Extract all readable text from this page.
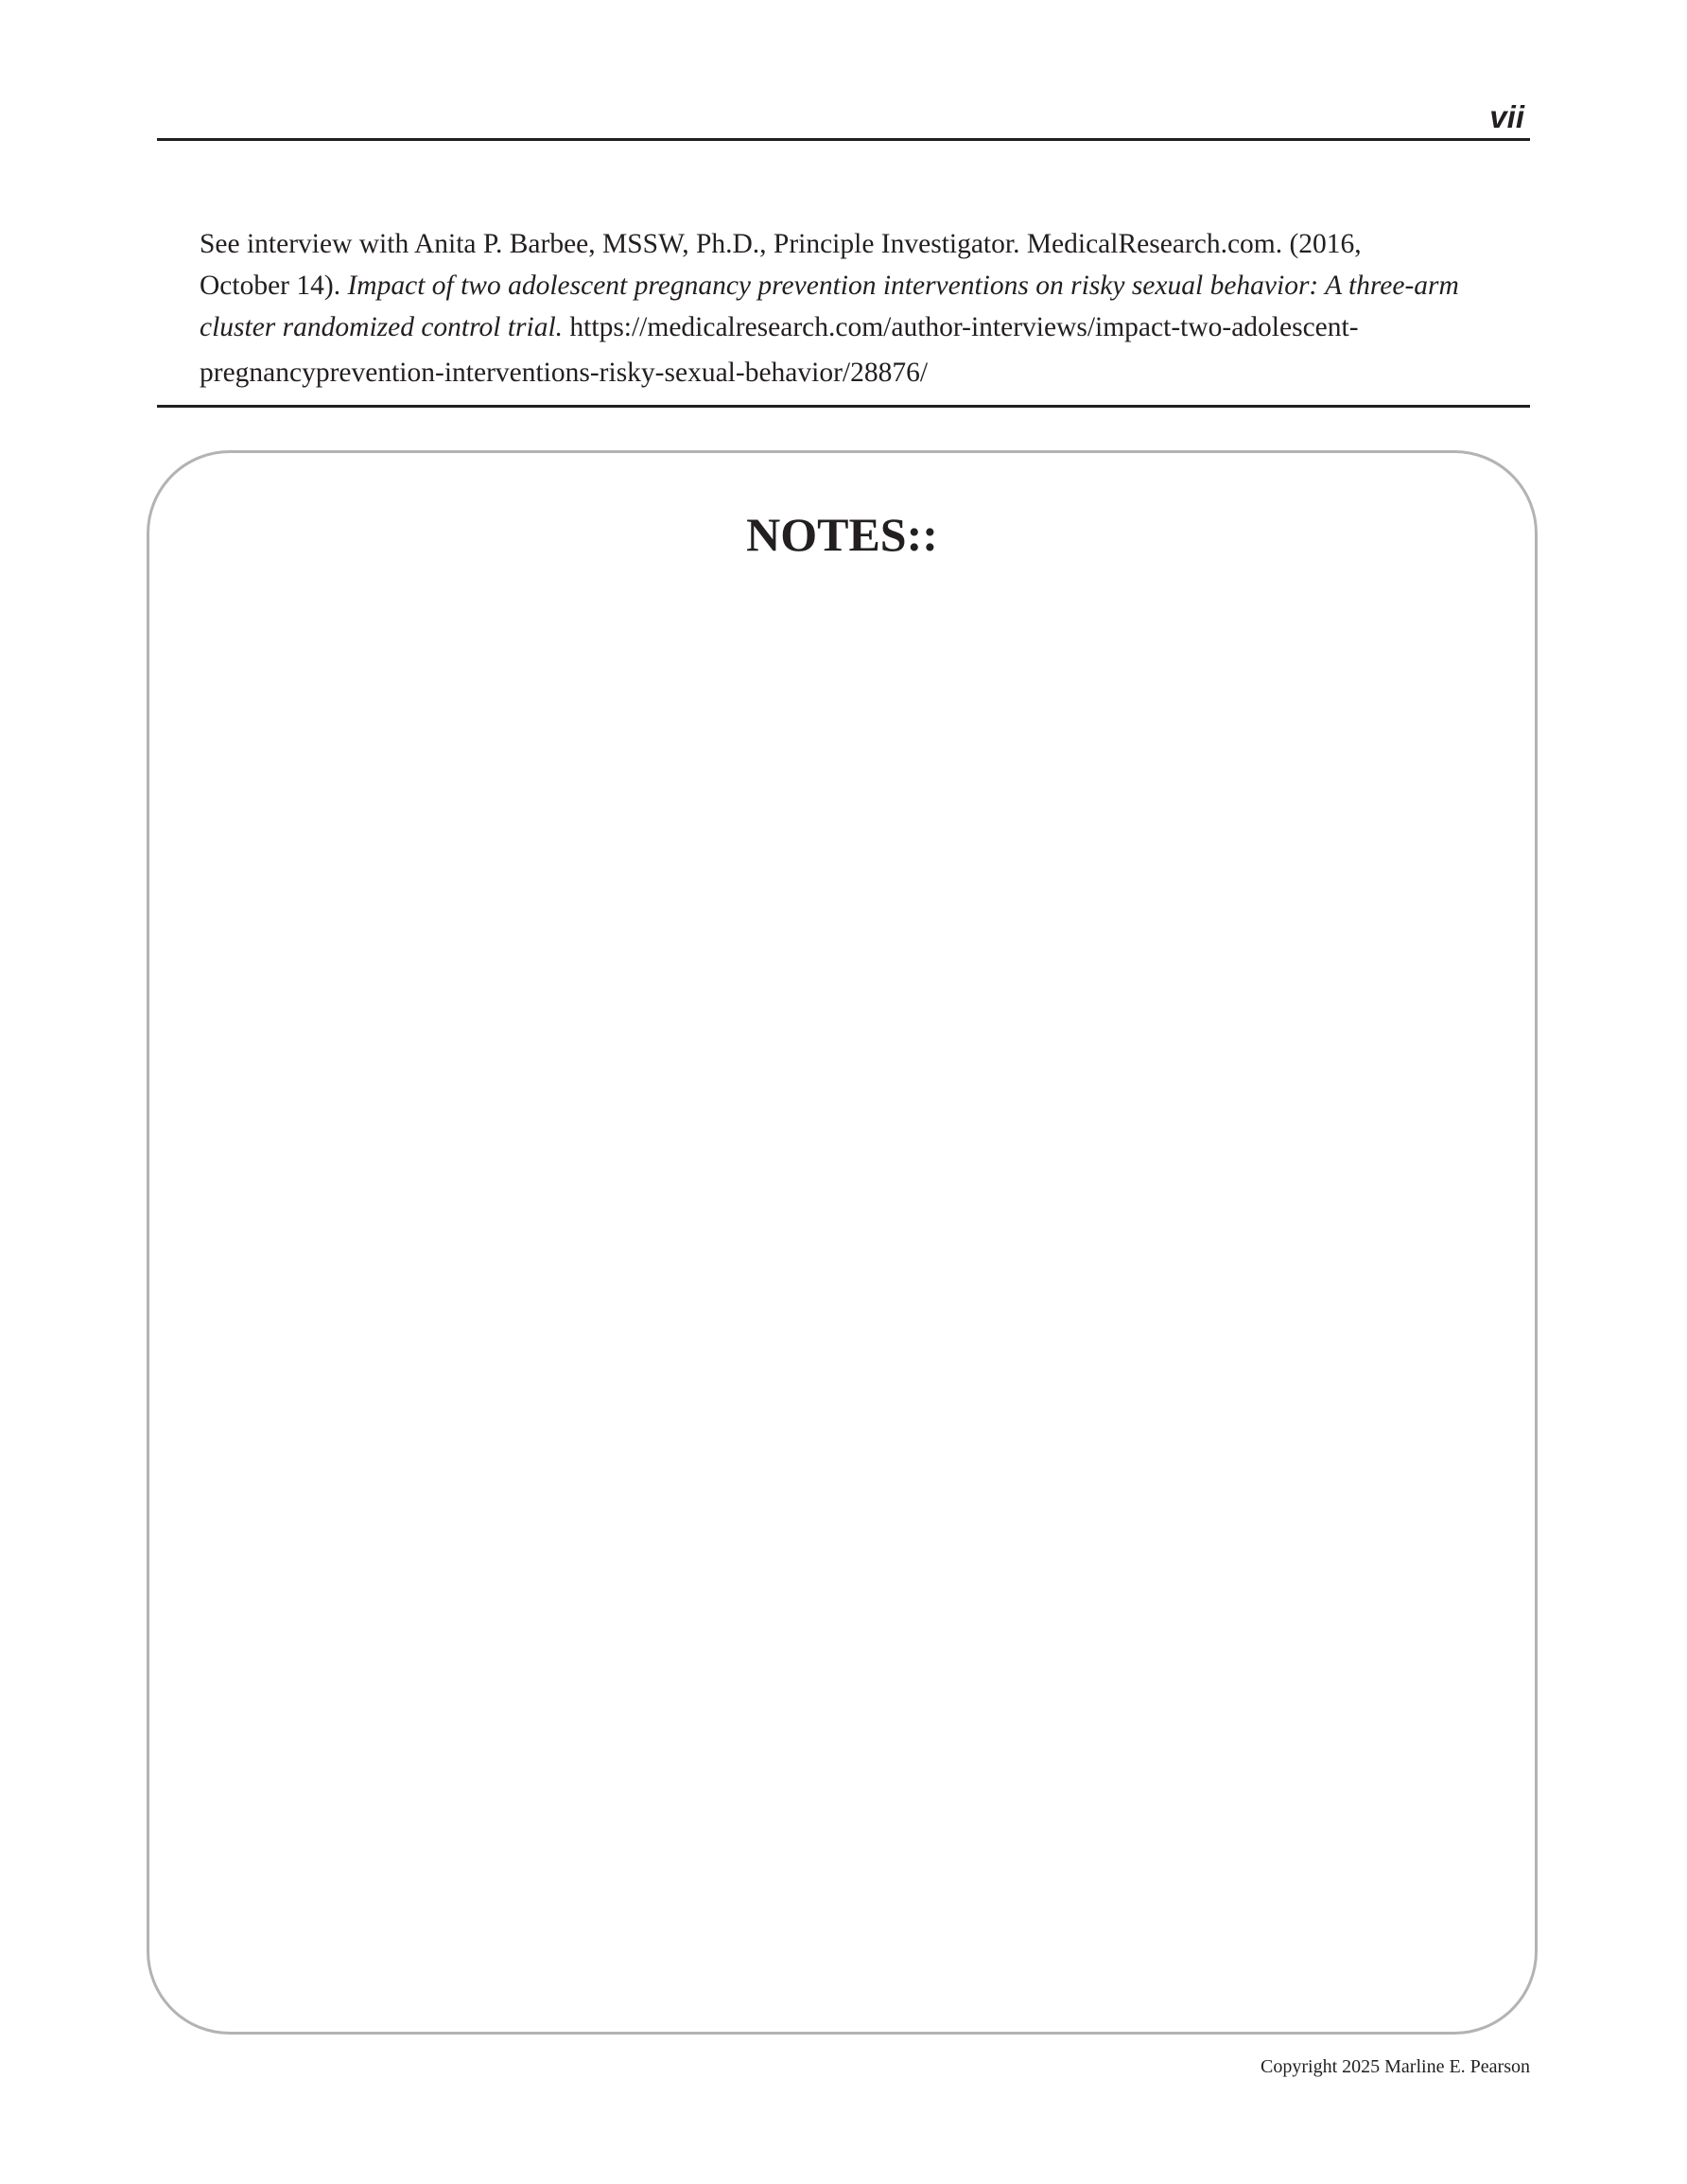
vii
See interview with Anita P. Barbee, MSSW, Ph.D., Principle Investigator. MedicalResearch.com. (2016,
October 14). Impact of two adolescent pregnancy prevention interventions on risky sexual behavior: A three-arm
cluster randomized control trial. https://medicalresearch.com/author-interviews/impact-two-adolescent-
pregnancyprevention-interventions-risky-sexual-behavior/28876/
NOTES::
Copyright 2025 Marline E. Pearson
